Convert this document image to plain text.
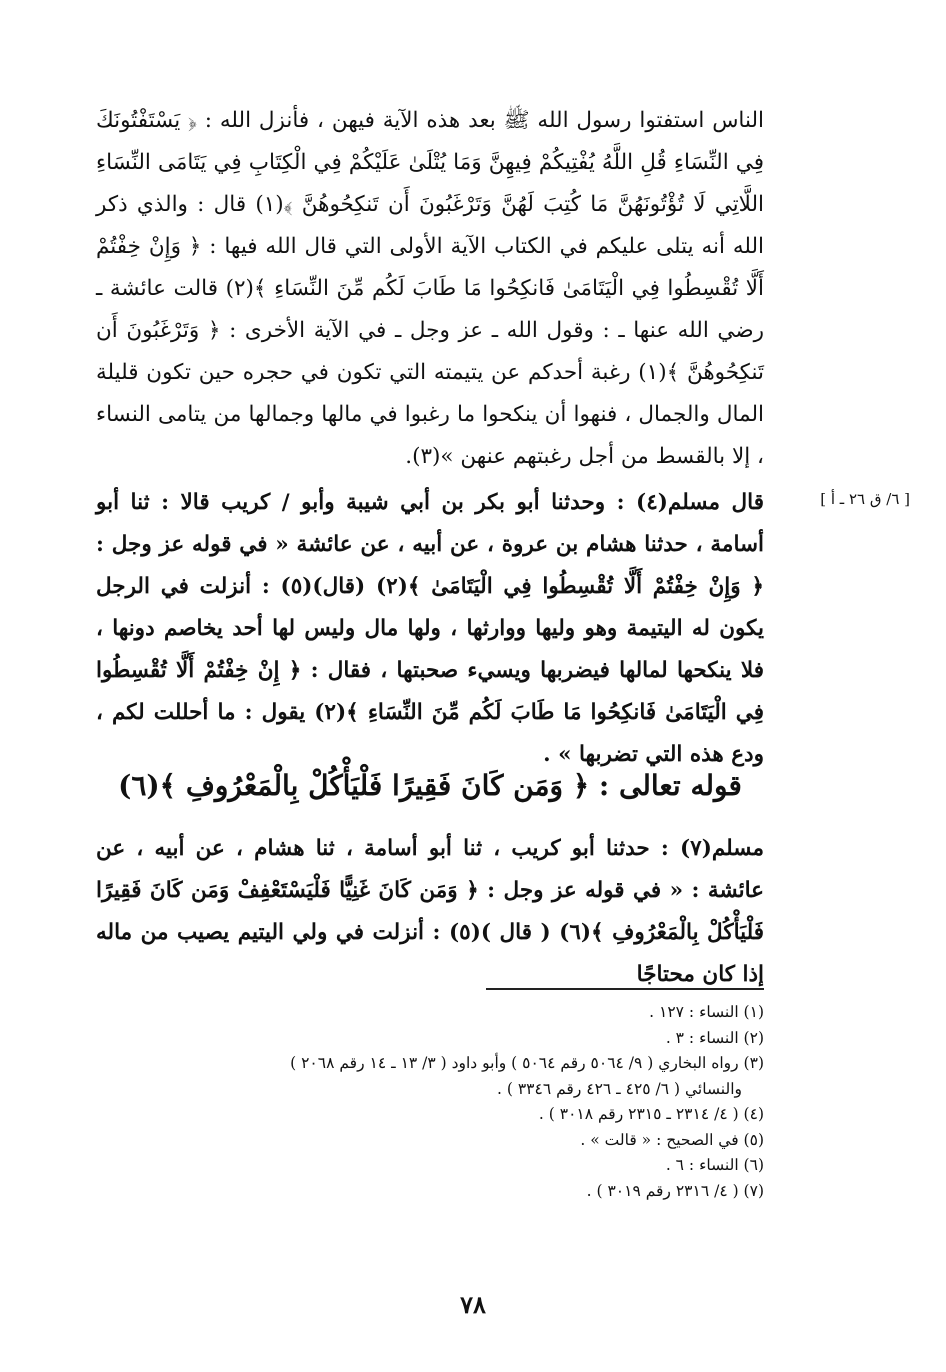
الناس استفتوا رسول الله ﷺ بعد هذه الآية فيهن ، فأنزل الله : ﴿ يَسْتَفْتُونَكَ فِي النِّسَاءِ قُلِ اللَّهُ يُفْتِيكُمْ فِيهِنَّ وَمَا يُتْلَىٰ عَلَيْكُمْ فِي الْكِتَابِ فِي يَتَامَى النِّسَاءِ اللَّاتِي لَا تُؤْتُونَهُنَّ مَا كُتِبَ لَهُنَّ وَتَرْغَبُونَ أَن تَنكِحُوهُنَّ ﴾(١) قال : والذي ذكر الله أنه يتلى عليكم في الكتاب الآية الأولى التي قال الله فيها : ﴿ وَإِنْ خِفْتُمْ أَلَّا تُقْسِطُوا فِي الْيَتَامَىٰ فَانكِحُوا مَا طَابَ لَكُم مِّنَ النِّسَاءِ ﴾(٢) قالت عائشة ـ رضي الله عنها ـ : وقول الله ـ عز وجل ـ في الآية الأخرى : ﴿ وَتَرْغَبُونَ أَن تَنكِحُوهُنَّ ﴾(١) رغبة أحدكم عن يتيمته التي تكون في حجره حين تكون قليلة المال والجمال ، فنهوا أن ينكحوا ما رغبوا في مالها وجمالها من يتامى النساء ، إلا بالقسط من أجل رغبتهم عنهن »(٣).

[ ٦/ ق ٢٦ ـ أ ]

قال مسلم(٤) : وحدثنا أبو بكر بن أبي شيبة وأبو / كريب قالا : ثنا أبو أسامة ، حدثنا هشام بن عروة ، عن أبيه ، عن عائشة « في قوله عز وجل : ﴿ وَإِنْ خِفْتُمْ أَلَّا تُقْسِطُوا فِي الْيَتَامَىٰ ﴾(٢) (قال)(٥) : أنزلت في الرجل يكون له اليتيمة وهو وليها ووارثها ، ولها مال وليس لها أحد يخاصم دونها ، فلا ينكحها لمالها فيضربها ويسيء صحبتها ، فقال : ﴿ إِنْ خِفْتُمْ أَلَّا تُقْسِطُوا فِي الْيَتَامَىٰ فَانكِحُوا مَا طَابَ لَكُم مِّنَ النِّسَاءِ ﴾(٢) يقول : ما أحللت لكم ، ودع هذه التي تضربها » .

قوله تعالى : ﴿ وَمَن كَانَ فَقِيرًا فَلْيَأْكُلْ بِالْمَعْرُوفِ ﴾(٦)

مسلم(٧) : حدثنا أبو كريب ، ثنا أبو أسامة ، ثنا هشام ، عن أبيه ، عن عائشة : « في قوله عز وجل : ﴿ وَمَن كَانَ غَنِيًّا فَلْيَسْتَعْفِفْ وَمَن كَانَ فَقِيرًا فَلْيَأْكُلْ بِالْمَعْرُوفِ ﴾(٦) ( قال )(٥) : أنزلت في ولي اليتيم يصيب من ماله إذا كان محتاجًا

(١) النساء : ١٢٧ .

(٢) النساء : ٣ .

(٣) رواه البخاري ( ٩/ ٥٠٦٤ رقم ٥٠٦٤ ) وأبو داود ( ٣/ ١٣ ـ ١٤ رقم ٢٠٦٨ )

والنسائي ( ٦/ ٤٢٥ ـ ٤٢٦ رقم ٣٣٤٦ ) .

(٤) ( ٤/ ٢٣١٤ ـ ٢٣١٥ رقم ٣٠١٨ ) .

(٥) في الصحيح : « قالت » .

(٦) النساء : ٦ .

(٧) ( ٤/ ٢٣١٦ رقم ٣٠١٩ ) .

٧٨
